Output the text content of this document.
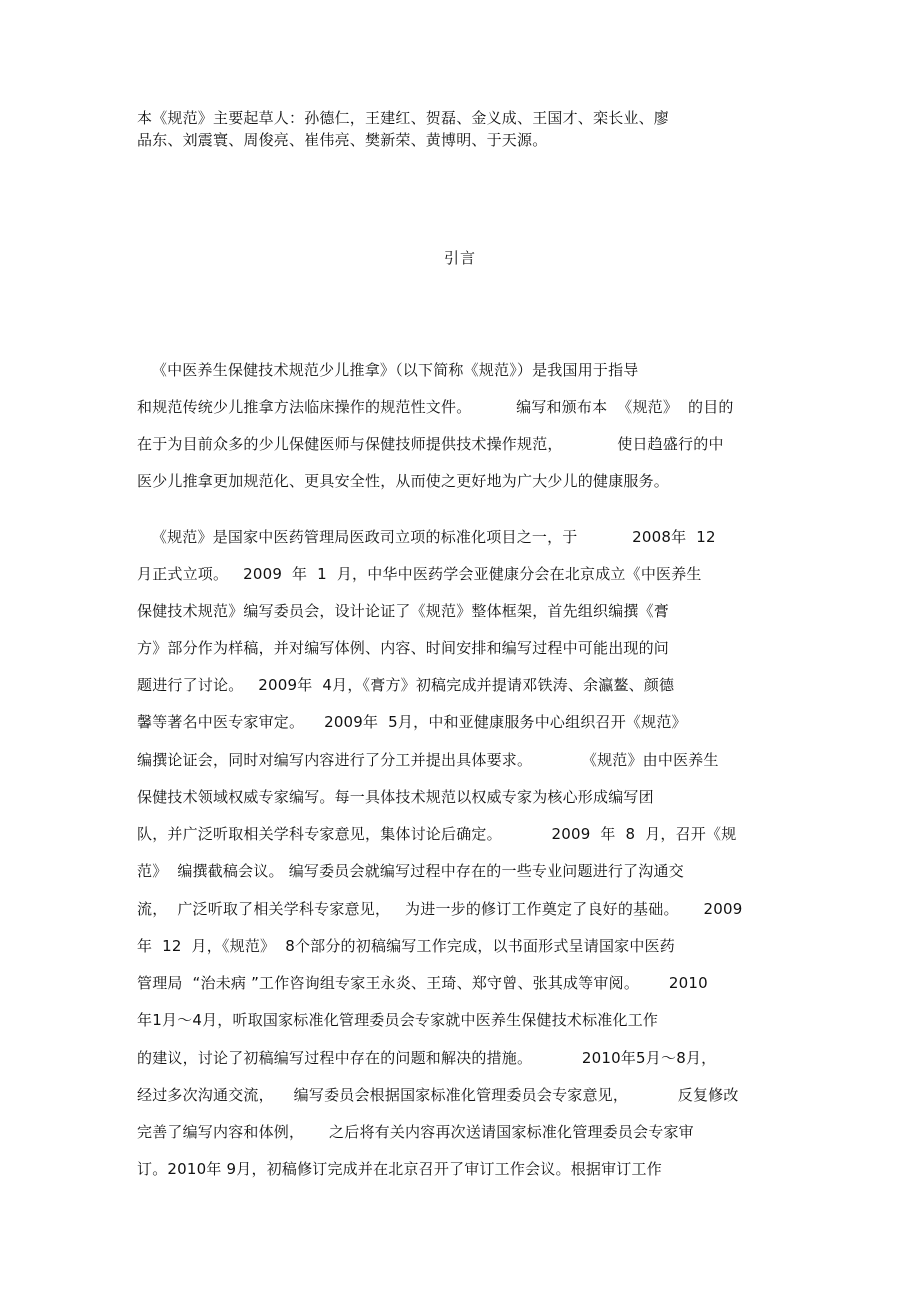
本《规范》主要起草人：孙德仁，王建红、贺磊、金义成、王国才、栾长业、廖
品东、刘震寰、周俊亮、崔伟亮、樊新荣、黄博明、于天源。
引言
《中医养生保健技术规范少儿推拿》（以下简称《规范》）是我国用于指导
和规范传统少儿推拿方法临床操作的规范性文件。         编写和颁布本  《规范》  的目的
在于为目前众多的少儿保健医师与保健技师提供技术操作规范，           使日趋盛行的中
医少儿推拿更加规范化、更具安全性，从而使之更好地为广大少儿的健康服务。
《规范》是国家中医药管理局医政司立项的标准化项目之一，于           2008年  12
月正式立项。   2009  年  1  月，中华中医药学会亚健康分会在北京成立《中医养生
保健技术规范》编写委员会，设计论证了《规范》整体框架，首先组织编撰《膏
方》部分作为样稿，并对编写体例、内容、时间安排和编写过程中可能出现的问
题进行了讨论。   2009年  4月，《膏方》初稿完成并提请邓铁涛、余瀛鳌、颜德
馨等著名中医专家审定。    2009年  5月，中和亚健康服务中心组织召开《规范》
编撰论证会，同时对编写内容进行了分工并提出具体要求。          《规范》由中医养生
保健技术领域权威专家编写。每一具体技术规范以权威专家为核心形成编写团
队，并广泛听取相关学科专家意见，集体讨论后确定。          2009  年  8  月，召开《规
范》  编撰截稿会议。 编写委员会就编写过程中存在的一些专业问题进行了沟通交
流，  广泛听取了相关学科专家意见，   为进一步的修订工作奠定了良好的基础。     2009
年  12  月，《规范》  8个部分的初稿编写工作完成，以书面形式呈请国家中医药
管理局  “治未病 ”工作咨询组专家王永炎、王琦、郑守曾、张其成等审阅。      2010
年1月～4月，听取国家标准化管理委员会专家就中医养生保健技术标准化工作
的建议，讨论了初稿编写过程中存在的问题和解决的措施。          2010年5月～8月，
经过多次沟通交流，    编写委员会根据国家标准化管理委员会专家意见，          反复修改
完善了编写内容和体例，     之后将有关内容再次送请国家标准化管理委员会专家审
订。2010年 9月，初稿修订完成并在北京召开了审订工作会议。根据审订工作
